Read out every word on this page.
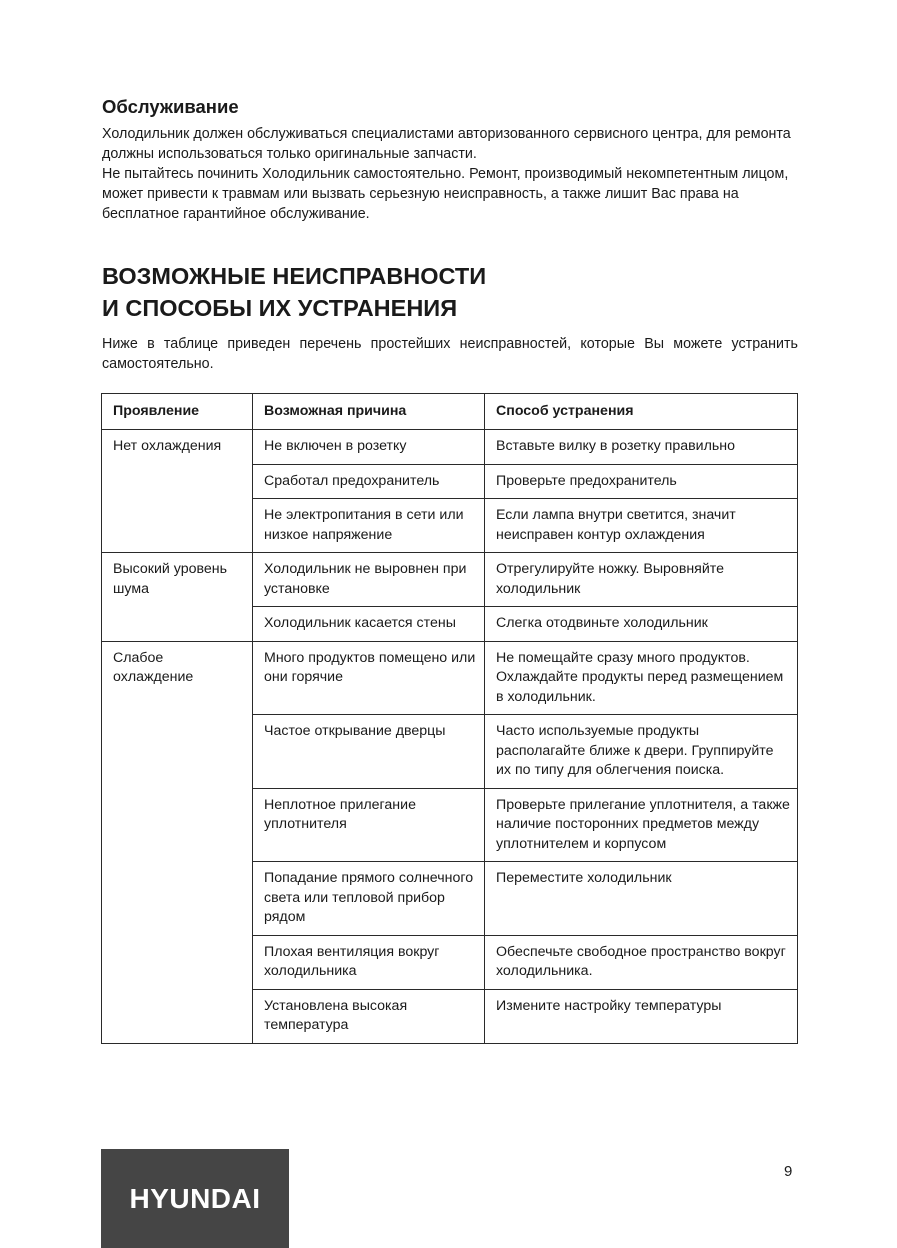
Обслуживание

Холодильник должен обслуживаться специалистами авторизованного сервисного центра, для ремонта должны использоваться только оригинальные запчасти.

Не пытайтесь починить Холодильник самостоятельно. Ремонт, производимый некомпетентным лицом, может привести к травмам или вызвать серьезную неисправность, а также лишит Вас права на бесплатное гарантийное обслуживание.

ВОЗМОЖНЫЕ НЕИСПРАВНОСТИ
И СПОСОБЫ ИХ УСТРАНЕНИЯ

Ниже в таблице приведен перечень простейших неисправностей, которые Вы можете устранить самостоятельно.

Проявление	Возможная причина	Способ устранения
Нет охлаждения	Не включен в розетку	Вставьте вилку в розетку правильно
	Сработал предохранитель	Проверьте предохранитель
	Не электропитания в сети или низкое напряжение	Если лампа внутри светится, значит неисправен контур охлаждения
Высокий уровень шума	Холодильник не выровнен при установке	Отрегулируйте ножку. Выровняйте холодильник
	Холодильник касается стены	Слегка отодвиньте холодильник
Слабое охлаждение	Много продуктов помещено или они горячие	Не помещайте сразу много продуктов. Охлаждайте продукты перед размещением в холодильник.
	Частое открывание дверцы	Часто используемые продукты располагайте ближе к двери. Группируйте их по типу для облегчения поиска.
	Неплотное прилегание уплотнителя	Проверьте прилегание уплотнителя, а также наличие посторонних предметов между уплотнителем и корпусом
	Попадание прямого солнечного света или тепловой прибор рядом	Переместите холодильник
	Плохая вентиляция вокруг холодильника	Обеспечьте свободное пространство вокруг холодильника.
	Установлена высокая температура	Измените настройку температуры
HYUNDAI
9
